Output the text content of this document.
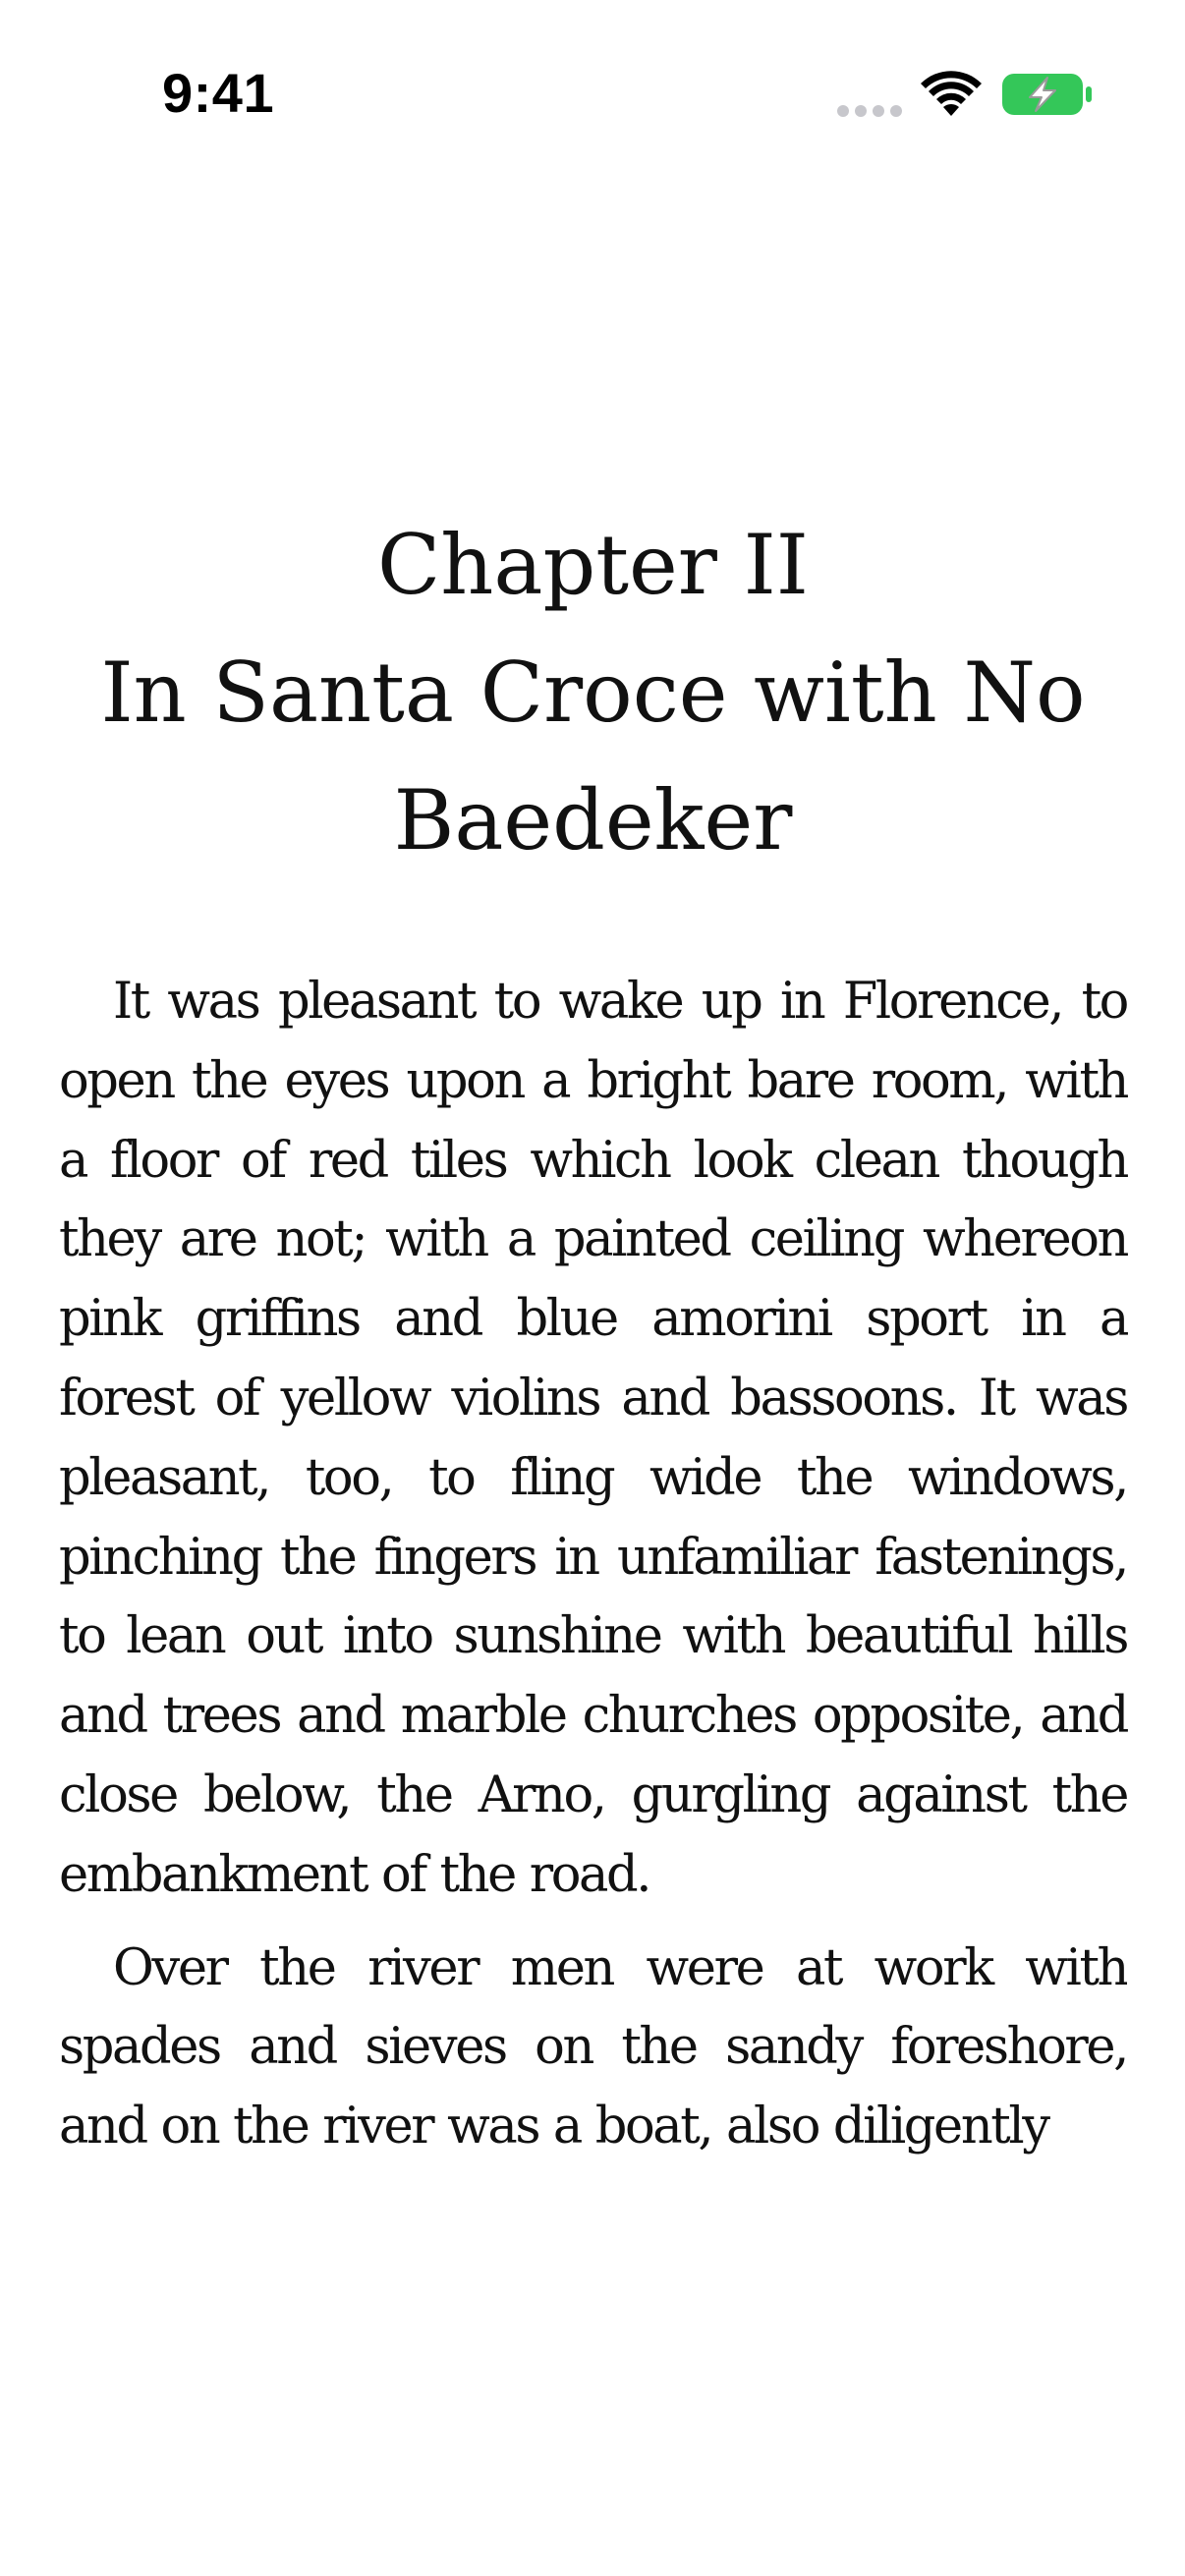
9:41
Chapter II
In Santa Croce with No
Baedeker

It was pleasant to wake up in Florence, to open the eyes upon a bright bare room, with a floor of red tiles which look clean though they are not; with a painted ceiling whereon pink griffins and blue amorini sport in a forest of yellow violins and bassoons. It was pleasant, too, to fling wide the windows, pinching the fingers in unfamiliar fastenings, to lean out into sunshine with beautiful hills and trees and marble churches opposite, and close below, the Arno, gurgling against the embankment of the road.

Over the river men were at work with spades and sieves on the sandy foreshore, and on the river was a boat, also diligently
